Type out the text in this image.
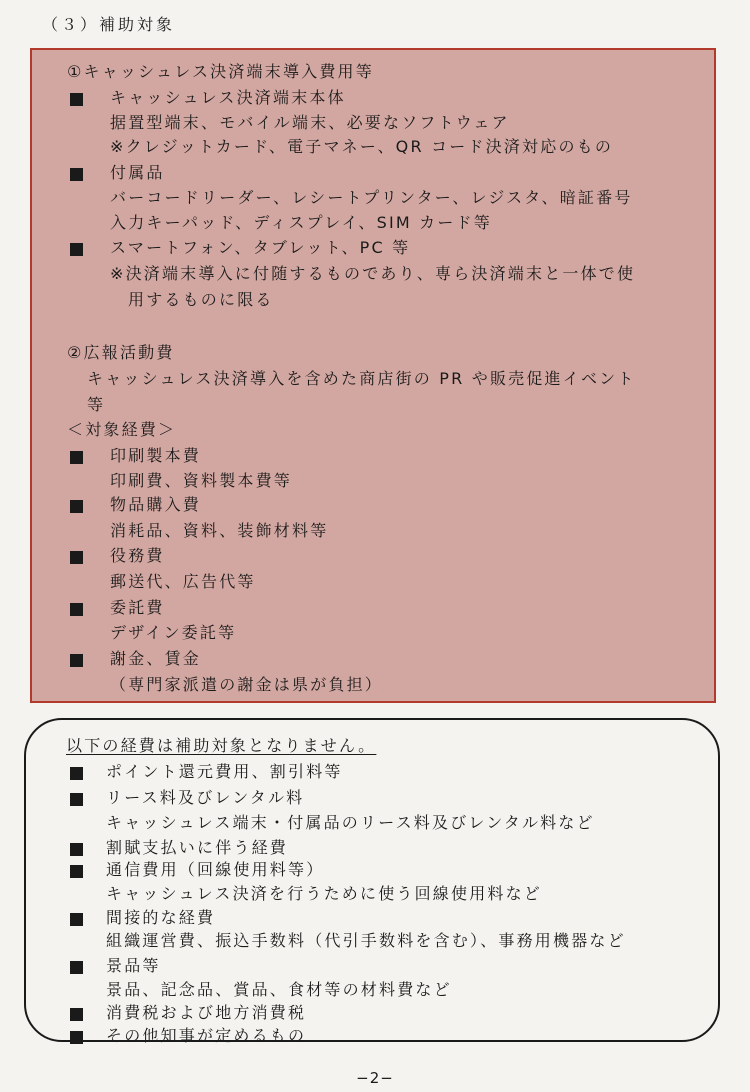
（３）補助対象
①キャッシュレス決済端末導入費用等
キャッシュレス決済端末本体
据置型端末、モバイル端末、必要なソフトウェア
※クレジットカード、電子マネー、QR コード決済対応のもの
付属品
バーコードリーダー、レシートプリンター、レジスタ、暗証番号
入力キーパッド、ディスプレイ、SIM カード等
スマートフォン、タブレット、PC 等
※決済端末導入に付随するものであり、専ら決済端末と一体で使
用するものに限る
②広報活動費
キャッシュレス決済導入を含めた商店街の PR や販売促進イベント
等
＜対象経費＞
印刷製本費
印刷費、資料製本費等
物品購入費
消耗品、資料、装飾材料等
役務費
郵送代、広告代等
委託費
デザイン委託等
謝金、賃金
（専門家派遣の謝金は県が負担）
以下の経費は補助対象となりません。
ポイント還元費用、割引料等
リース料及びレンタル料
キャッシュレス端末・付属品のリース料及びレンタル料など
割賦支払いに伴う経費
通信費用（回線使用料等）
キャッシュレス決済を行うために使う回線使用料など
間接的な経費
組織運営費、振込手数料（代引手数料を含む）、事務用機器など
景品等
景品、記念品、賞品、食材等の材料費など
消費税および地方消費税
その他知事が定めるもの
−2−
